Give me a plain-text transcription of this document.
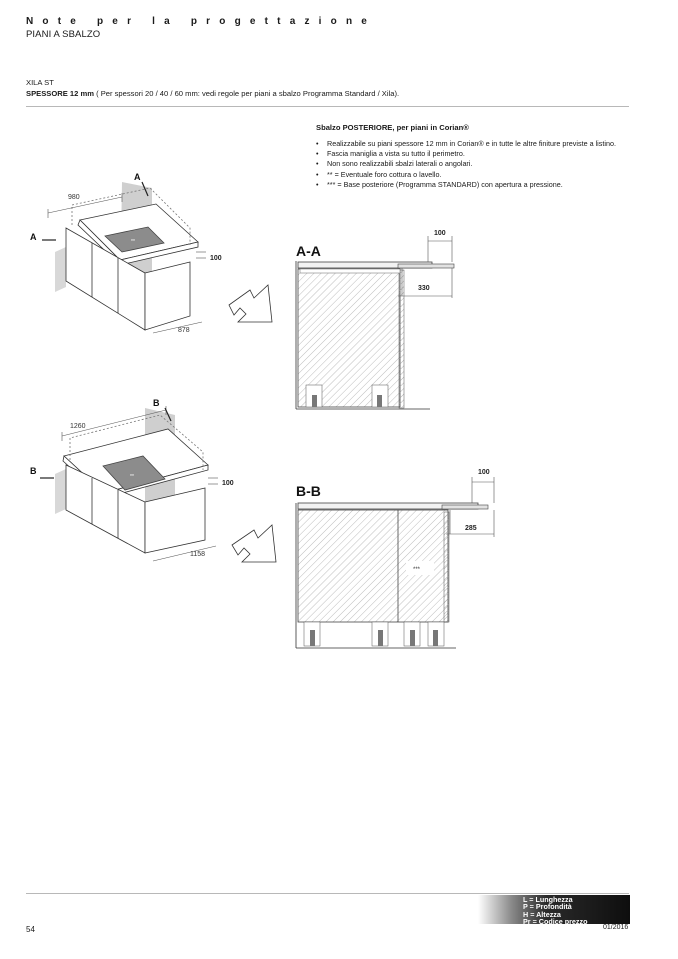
Note per la progettazione
PIANI A SBALZO
XILA ST
SPESSORE 12 mm ( Per spessori 20 / 40 / 60 mm: vedi regole per piani a sbalzo Programma Standard / Xila).
Sbalzo POSTERIORE, per piani in Corian®
• Realizzabile su piani spessore 12 mm in Corian® e in tutte le altre finiture previste a listino.
• Fascia maniglia a vista su tutto il perimetro.
• Non sono realizzabili sbalzi laterali o angolari.
• ** = Eventuale foro cottura o lavello.
• *** = Base posteriore (Programma STANDARD) con apertura a pressione.
**
980
878
100
A
A
A-A
100
330
**
1260
1158
100
B
B
***
B-B
100
285
L = Lunghezza
P = Profondità
H = Altezza
Pr = Codice prezzo
54	01/2016
